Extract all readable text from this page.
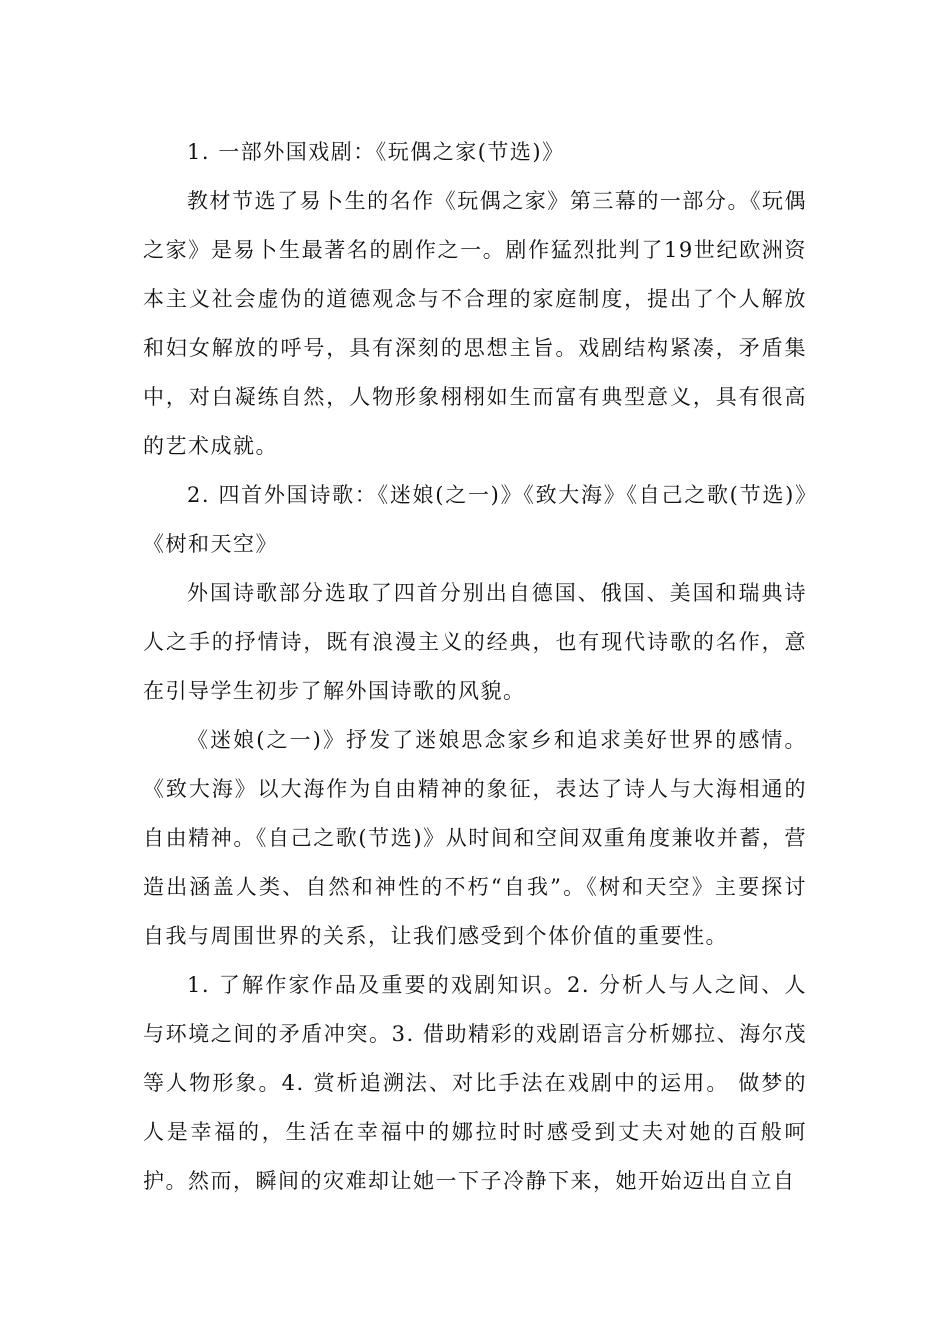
1. 一部外国戏剧：《玩偶之家(节选)》

教材节选了易卜生的名作《玩偶之家》第三幕的一部分。《玩偶之家》是易卜生最著名的剧作之一。剧作猛烈批判了19世纪欧洲资本主义社会虚伪的道德观念与不合理的家庭制度，提出了个人解放和妇女解放的呼号，具有深刻的思想主旨。戏剧结构紧凑，矛盾集中，对白凝练自然，人物形象栩栩如生而富有典型意义，具有很高的艺术成就。

2. 四首外国诗歌：《迷娘(之一)》《致大海》《自己之歌(节选)》《树和天空》

外国诗歌部分选取了四首分别出自德国、俄国、美国和瑞典诗人之手的抒情诗，既有浪漫主义的经典，也有现代诗歌的名作，意在引导学生初步了解外国诗歌的风貌。

《迷娘(之一)》抒发了迷娘思念家乡和追求美好世界的感情。《致大海》以大海作为自由精神的象征，表达了诗人与大海相通的自由精神。《自己之歌(节选)》从时间和空间双重角度兼收并蓄，营造出涵盖人类、自然和神性的不朽“自我”。《树和天空》主要探讨自我与周围世界的关系，让我们感受到个体价值的重要性。

1. 了解作家作品及重要的戏剧知识。2. 分析人与人之间、人与环境之间的矛盾冲突。3. 借助精彩的戏剧语言分析娜拉、海尔茂等人物形象。4. 赏析追溯法、对比手法在戏剧中的运用。 做梦的人是幸福的，生活在幸福中的娜拉时时感受到丈夫对她的百般呵护。然而，瞬间的灾难却让她一下子冷静下来，她开始迈出自立自
